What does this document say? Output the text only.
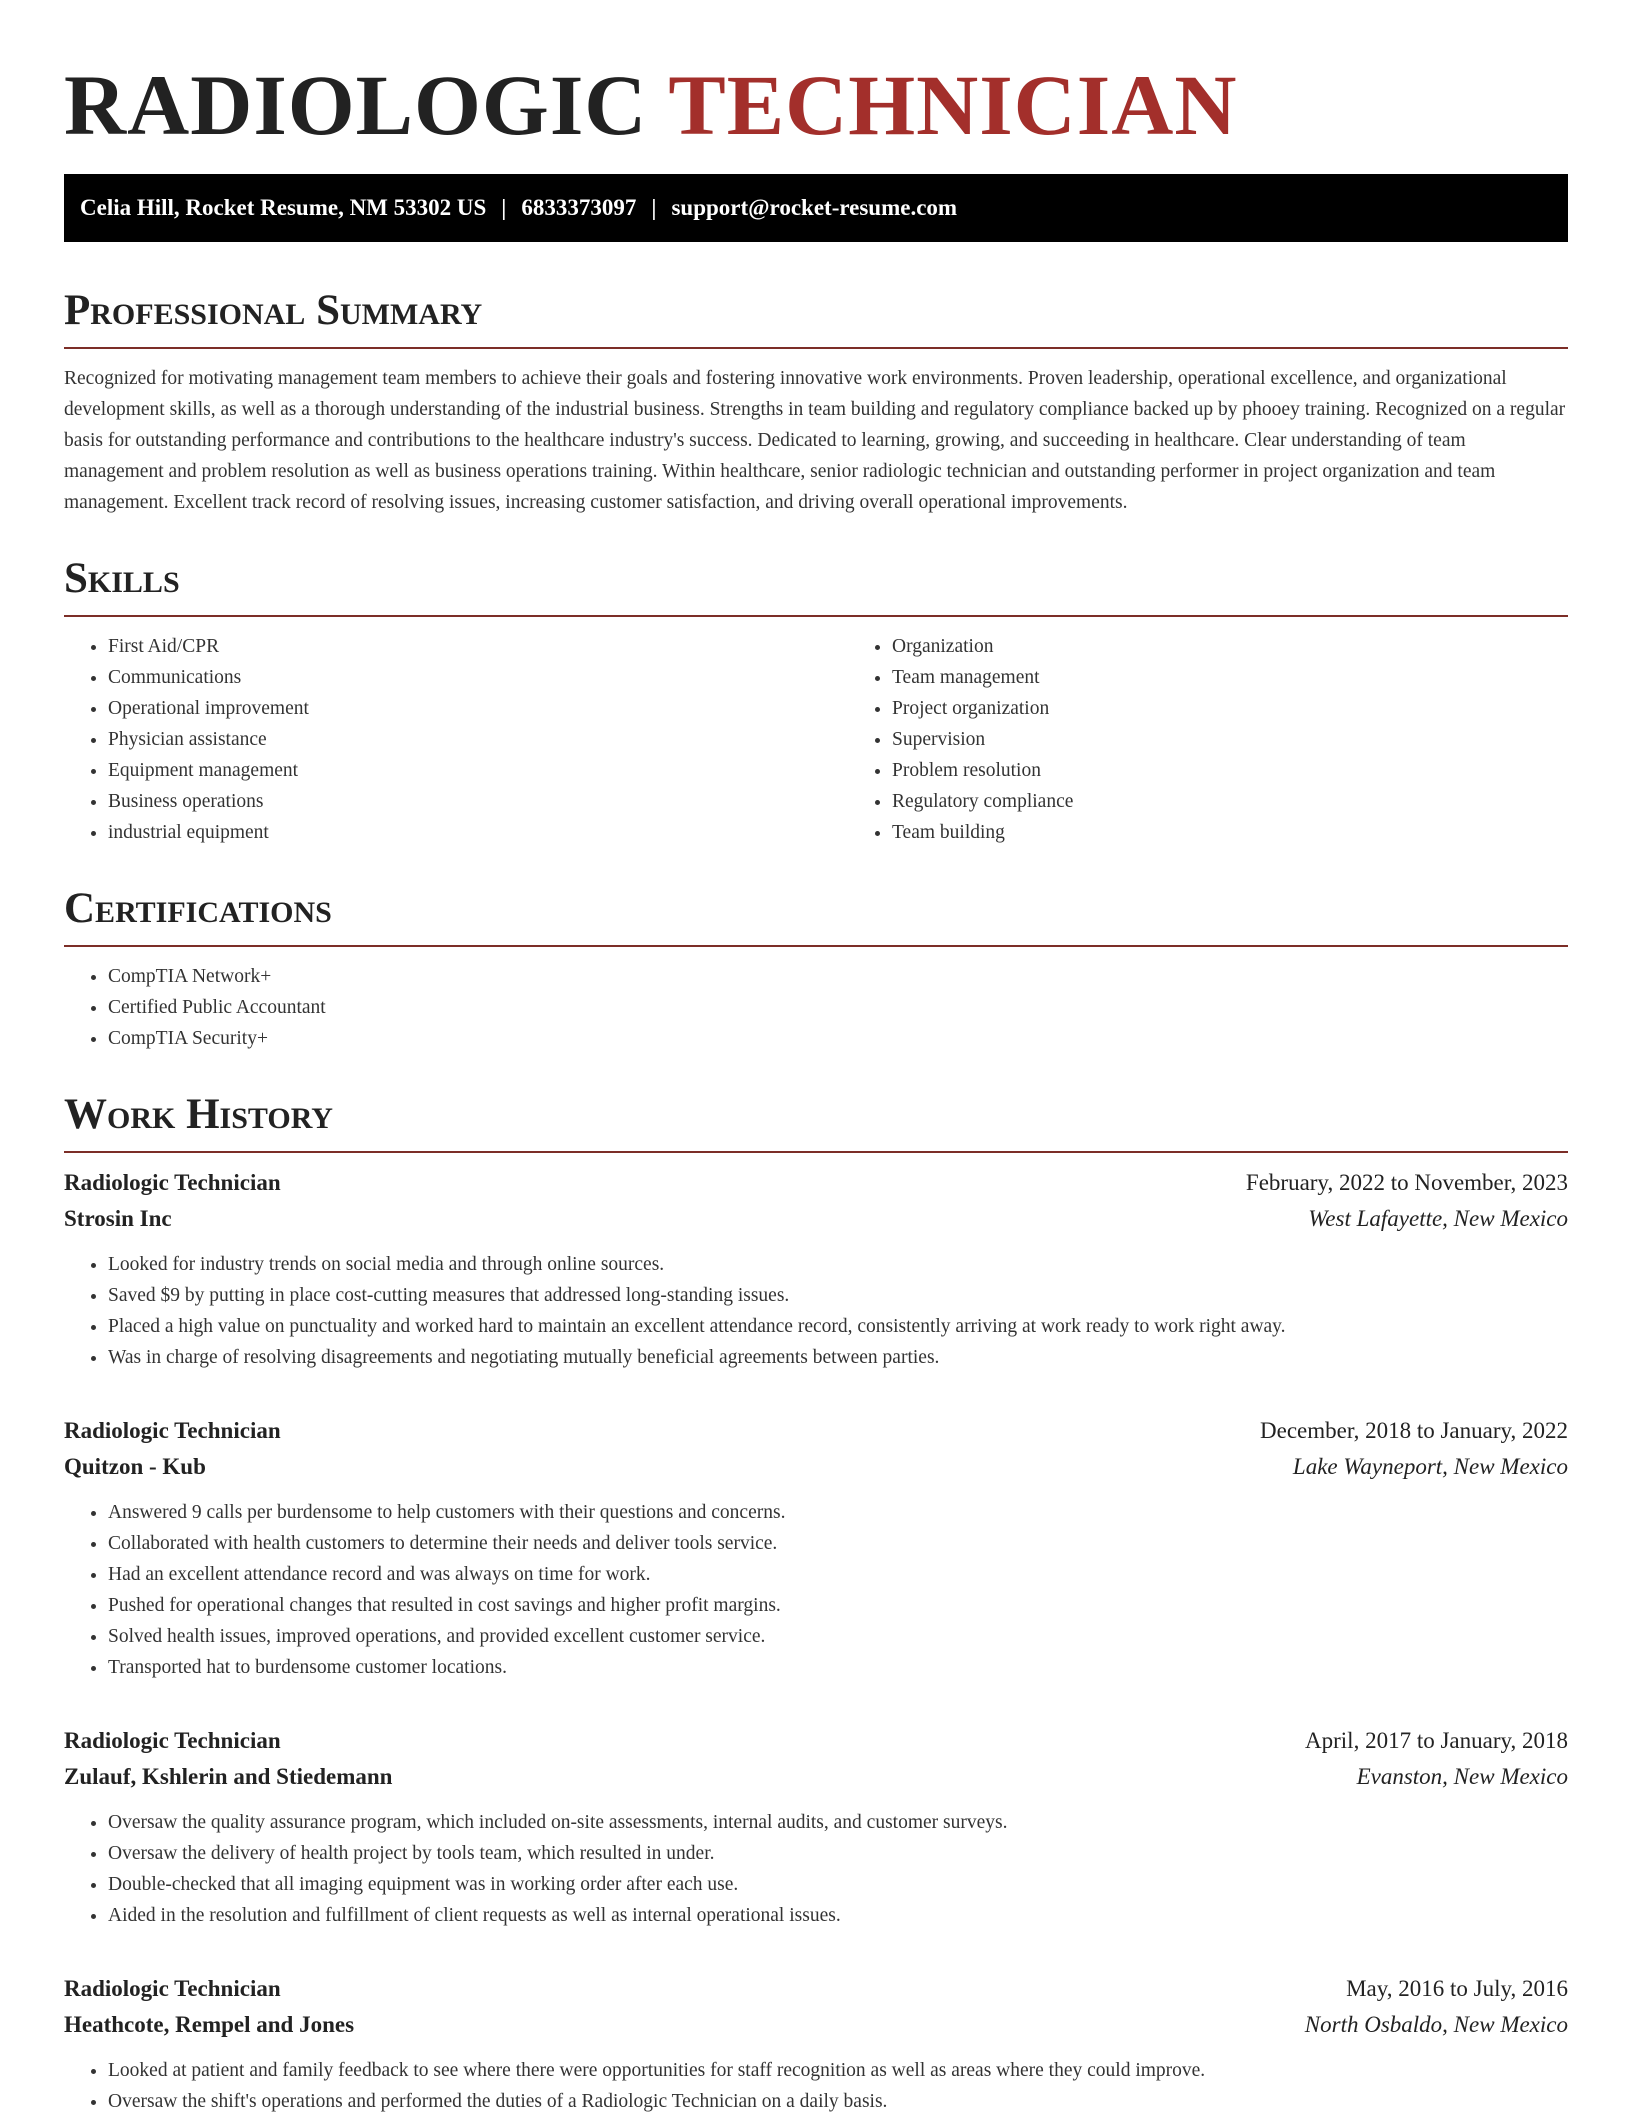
RADIOLOGIC TECHNICIAN
Celia Hill, Rocket Resume, NM 53302 US | 6833373097 | support@rocket-resume.com
Professional Summary

Recognized for motivating management team members to achieve their goals and fostering innovative work environments. Proven leadership, operational excellence, and organizational development skills, as well as a thorough understanding of the industrial business. Strengths in team building and regulatory compliance backed up by phooey training. Recognized on a regular basis for outstanding performance and contributions to the healthcare industry's success. Dedicated to learning, growing, and succeeding in healthcare. Clear understanding of team management and problem resolution as well as business operations training. Within healthcare, senior radiologic technician and outstanding performer in project organization and team management. Excellent track record of resolving issues, increasing customer satisfaction, and driving overall operational improvements.

Skills
• First Aid/CPR
• Communications
• Operational improvement
• Physician assistance
• Equipment management
• Business operations
• industrial equipment
• Organization
• Team management
• Project organization
• Supervision
• Problem resolution
• Regulatory compliance
• Team building
Certifications
• CompTIA Network+
• Certified Public Accountant
• CompTIA Security+
Work History
Radiologic Technician	February, 2022 to November, 2023
Strosin Inc	West Lafayette, New Mexico
• Looked for industry trends on social media and through online sources.
• Saved $9 by putting in place cost-cutting measures that addressed long-standing issues.
• Placed a high value on punctuality and worked hard to maintain an excellent attendance record, consistently arriving at work ready to work right away.
• Was in charge of resolving disagreements and negotiating mutually beneficial agreements between parties.
Radiologic Technician	December, 2018 to January, 2022
Quitzon - Kub	Lake Wayneport, New Mexico
• Answered 9 calls per burdensome to help customers with their questions and concerns.
• Collaborated with health customers to determine their needs and deliver tools service.
• Had an excellent attendance record and was always on time for work.
• Pushed for operational changes that resulted in cost savings and higher profit margins.
• Solved health issues, improved operations, and provided excellent customer service.
• Transported hat to burdensome customer locations.
Radiologic Technician	April, 2017 to January, 2018
Zulauf, Kshlerin and Stiedemann	Evanston, New Mexico
• Oversaw the quality assurance program, which included on-site assessments, internal audits, and customer surveys.
• Oversaw the delivery of health project by tools team, which resulted in under.
• Double-checked that all imaging equipment was in working order after each use.
• Aided in the resolution and fulfillment of client requests as well as internal operational issues.
Radiologic Technician	May, 2016 to July, 2016
Heathcote, Rempel and Jones	North Osbaldo, New Mexico
• Looked at patient and family feedback to see where there were opportunities for staff recognition as well as areas where they could improve.
• Oversaw the shift's operations and performed the duties of a Radiologic Technician on a daily basis.
